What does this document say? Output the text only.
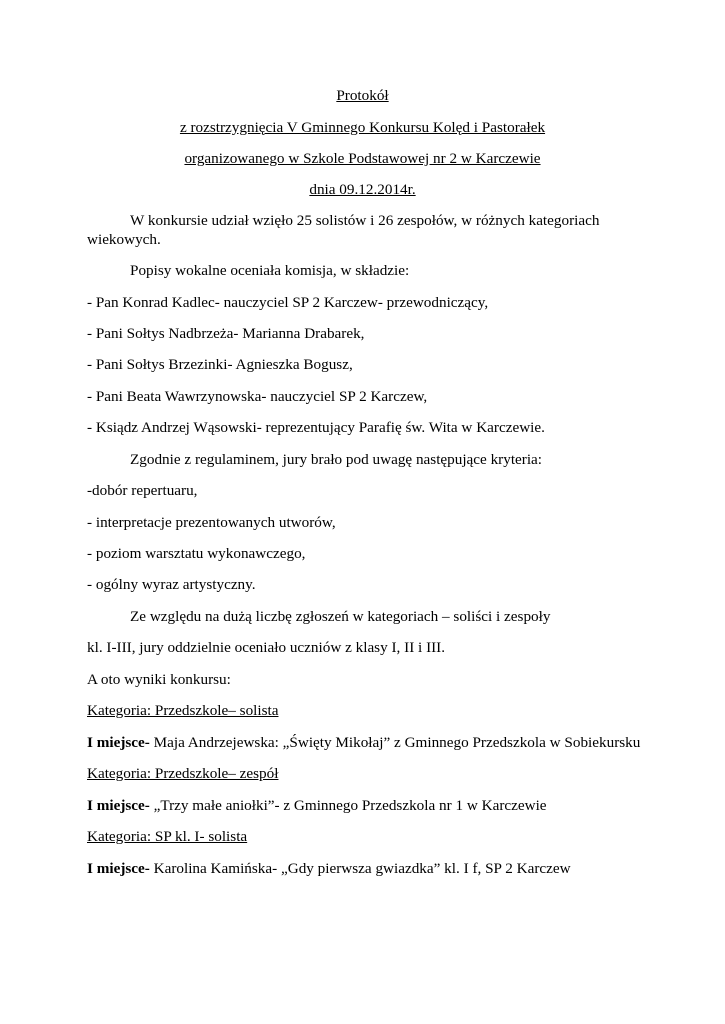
Protokół
z rozstrzygnięcia V Gminnego Konkursu Kolęd i Pastorałek
organizowanego w Szkole Podstawowej nr 2 w Karczewie
dnia 09.12.2014r.
W konkursie udział wzięło 25 solistów i 26 zespołów, w różnych kategoriach
wiekowych.
Popisy wokalne oceniała komisja, w składzie:
- Pan Konrad Kadlec- nauczyciel SP 2 Karczew- przewodniczący,
- Pani Sołtys Nadbrzeża- Marianna Drabarek,
- Pani Sołtys Brzezinki- Agnieszka Bogusz,
- Pani Beata Wawrzynowska- nauczyciel SP 2 Karczew,
- Ksiądz Andrzej Wąsowski- reprezentujący Parafię św. Wita w Karczewie.
Zgodnie z regulaminem, jury brało pod uwagę następujące kryteria:
-dobór repertuaru,
- interpretacje prezentowanych utworów,
- poziom warsztatu wykonawczego,
- ogólny wyraz artystyczny.
Ze względu na dużą liczbę zgłoszeń w kategoriach – soliści i zespoły
kl. I-III, jury oddzielnie oceniało uczniów z klasy I, II i III.
A oto wyniki konkursu:
Kategoria: Przedszkole– solista
I miejsce- Maja Andrzejewska: „Święty Mikołaj” z Gminnego Przedszkola w Sobiekursku
Kategoria: Przedszkole– zespół
I miejsce- „Trzy małe aniołki”- z Gminnego Przedszkola nr 1 w Karczewie
Kategoria: SP kl. I- solista
I miejsce- Karolina Kamińska- „Gdy pierwsza gwiazdka” kl. I f, SP 2 Karczew
